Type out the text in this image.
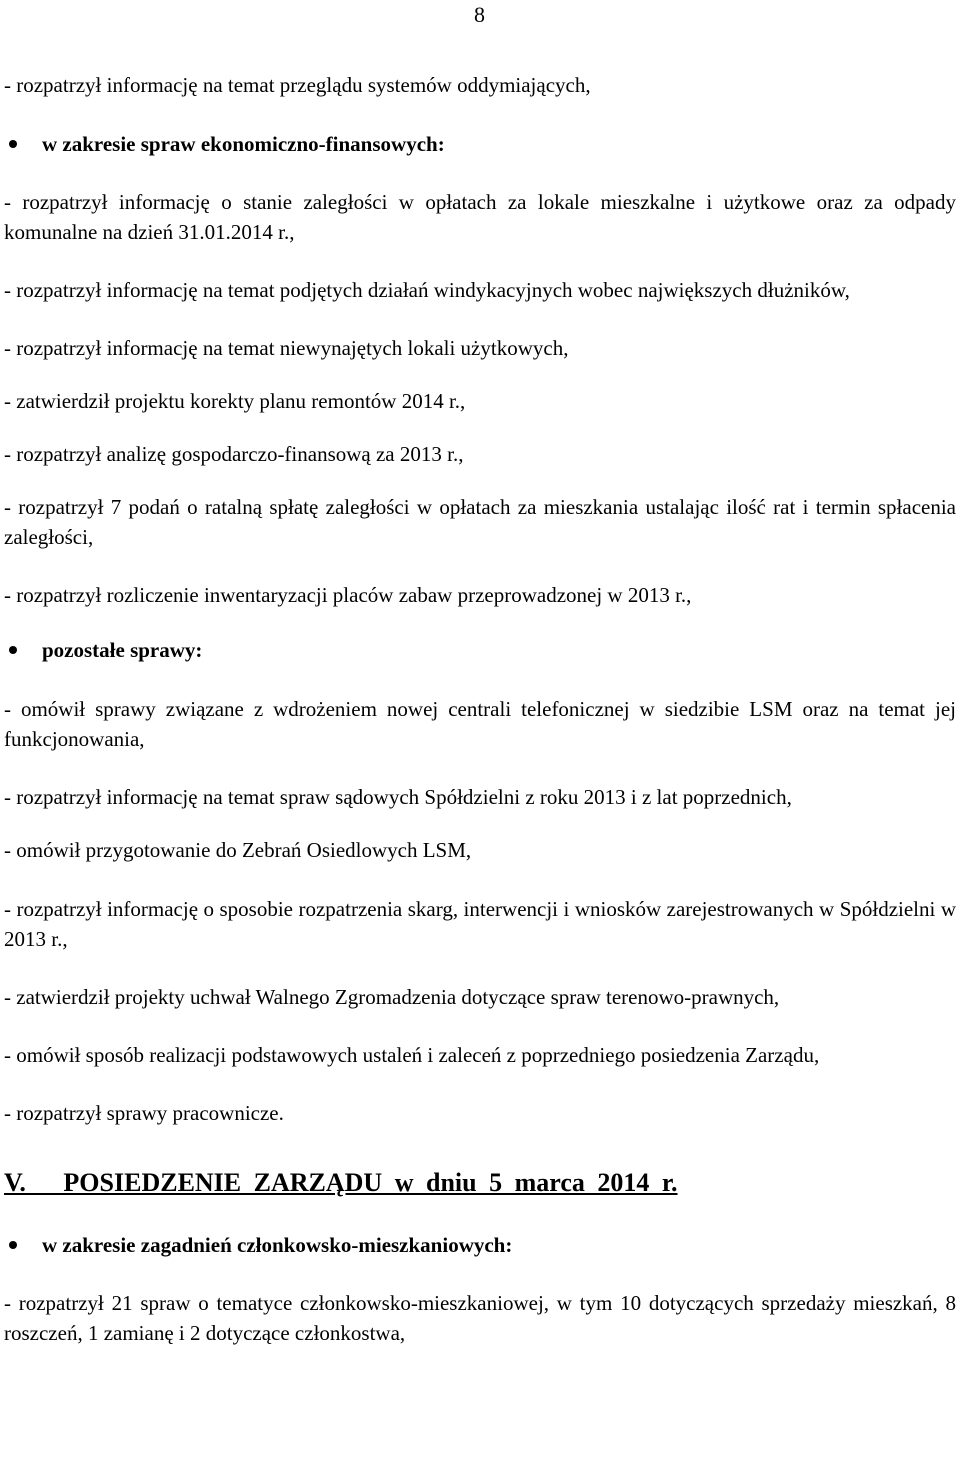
8

- rozpatrzył informację na temat przeglądu systemów oddymiających,

w zakresie spraw ekonomiczno-finansowych:

- rozpatrzył informację o stanie zaległości w opłatach za lokale mieszkalne i użytkowe oraz za odpady komunalne na dzień 31.01.2014 r.,

- rozpatrzył informację na temat podjętych działań windykacyjnych wobec największych dłużników,

- rozpatrzył informację na temat niewynajętych lokali użytkowych,

- zatwierdził projektu korekty planu remontów 2014 r.,

- rozpatrzył analizę gospodarczo-finansową za 2013 r.,

- rozpatrzył 7 podań o ratalną spłatę zaległości w opłatach za mieszkania ustalając ilość rat i termin spłacenia zaległości,

- rozpatrzył rozliczenie inwentaryzacji placów zabaw przeprowadzonej w 2013 r.,

pozostałe sprawy:

- omówił sprawy związane z wdrożeniem nowej centrali telefonicznej w siedzibie LSM oraz na temat jej funkcjonowania,

- rozpatrzył informację na temat spraw sądowych Spółdzielni z roku 2013 i z lat poprzednich,

- omówił przygotowanie do Zebrań Osiedlowych LSM,

- rozpatrzył informację o sposobie rozpatrzenia skarg, interwencji i wniosków zarejestrowanych w Spółdzielni w 2013 r.,

- zatwierdził projekty uchwał Walnego Zgromadzenia dotyczące spraw terenowo-prawnych,

- omówił sposób realizacji podstawowych ustaleń i zaleceń z poprzedniego posiedzenia Zarządu,

- rozpatrzył sprawy pracownicze.

V.   POSIEDZENIE ZARZĄDU w dniu 5 marca 2014 r.

w zakresie zagadnień członkowsko-mieszkaniowych:

- rozpatrzył 21 spraw o tematyce członkowsko-mieszkaniowej, w tym 10 dotyczących sprzedaży mieszkań, 8 roszczeń, 1 zamianę i 2 dotyczące członkostwa,
